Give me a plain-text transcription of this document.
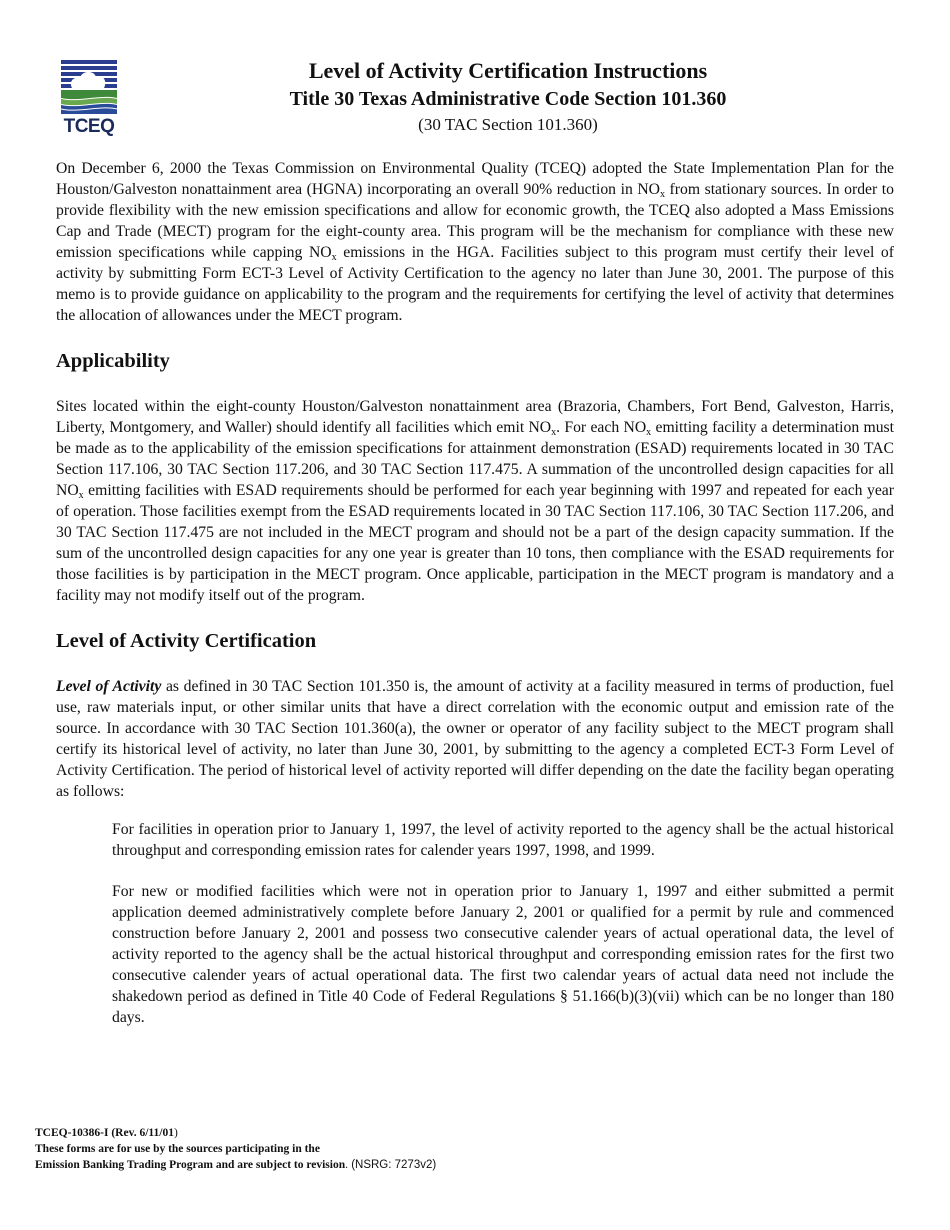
TCEQ
Level of Activity Certification Instructions
Title 30 Texas Administrative Code Section 101.360
(30 TAC Section 101.360)

On December 6, 2000 the Texas Commission on Environmental Quality (TCEQ) adopted the State Implementation Plan for the Houston/Galveston nonattainment area (HGNA) incorporating an overall 90% reduction in $NO_x$ from stationary sources. In order to provide flexibility with the new emission specifications and allow for economic growth, the TCEQ also adopted a Mass Emissions Cap and Trade (MECT) program for the eight-county area. This program will be the mechanism for compliance with these new emission specifications while capping $NO_x$ emissions in the HGA. Facilities subject to this program must certify their level of activity by submitting Form ECT-3 Level of Activity Certification to the agency no later than June 30, 2001. The purpose of this memo is to provide guidance on applicability to the program and the requirements for certifying the level of activity that determines the allocation of allowances under the MECT program.

Applicability

Sites located within the eight-county Houston/Galveston nonattainment area (Brazoria, Chambers, Fort Bend, Galveston, Harris, Liberty, Montgomery, and Waller) should identify all facilities which emit $NO_x$. For each $NO_x$ emitting facility a determination must be made as to the applicability of the emission specifications for attainment demonstration (ESAD) requirements located in 30 TAC Section 117.106, 30 TAC Section 117.206, and 30 TAC Section 117.475. A summation of the uncontrolled design capacities for all $NO_x$ emitting facilities with ESAD requirements should be performed for each year beginning with 1997 and repeated for each year of operation. Those facilities exempt from the ESAD requirements located in 30 TAC Section 117.106, 30 TAC Section 117.206, and 30 TAC Section 117.475 are not included in the MECT program and should not be a part of the design capacity summation. If the sum of the uncontrolled design capacities for any one year is greater than 10 tons, then compliance with the ESAD requirements for those facilities is by participation in the MECT program. Once applicable, participation in the MECT program is mandatory and a facility may not modify itself out of the program.

Level of Activity Certification

Level of Activity as defined in 30 TAC Section 101.350 is, the amount of activity at a facility measured in terms of production, fuel use, raw materials input, or other similar units that have a direct correlation with the economic output and emission rate of the source. In accordance with 30 TAC Section 101.360(a), the owner or operator of any facility subject to the MECT program shall certify its historical level of activity, no later than June 30, 2001, by submitting to the agency a completed ECT-3 Form Level of Activity Certification. The period of historical level of activity reported will differ depending on the date the facility began operating as follows:

For facilities in operation prior to January 1, 1997, the level of activity reported to the agency shall be the actual historical throughput and corresponding emission rates for calender years 1997, 1998, and 1999.

For new or modified facilities which were not in operation prior to January 1, 1997 and either submitted a permit application deemed administratively complete before January 2, 2001 or qualified for a permit by rule and commenced construction before January 2, 2001 and possess two consecutive calender years of actual operational data, the level of activity reported to the agency shall be the actual historical throughput and corresponding emission rates for the first two consecutive calender years of actual operational data. The first two calendar years of actual data need not include the shakedown period as defined in Title 40 Code of Federal Regulations § 51.166(b)(3)(vii) which can be no longer than 180 days.

TCEQ-10386-I (Rev. 6/11/01)
These forms are for use by the sources participating in the
Emission Banking Trading Program and are subject to revision. (NSRG: 7273v2)
